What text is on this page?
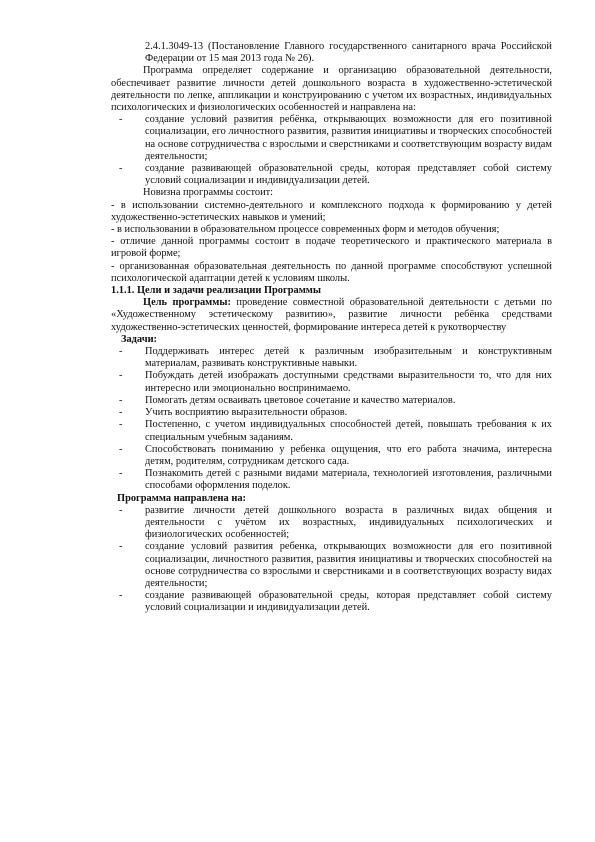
2.4.1.3049-13 (Постановление Главного государственного санитарного врача Российской Федерации от 15 мая 2013 года № 26).

Программа определяет содержание и организацию образовательной деятельности, обеспечивает развитие личности детей дошкольного возраста в художественно-эстетической деятельности по лепке, аппликации и конструированию с учетом их возрастных, индивидуальных психологических и физиологических особенностей и направлена на:

- создание условий развития ребёнка, открывающих возможности для его позитивной социализации, его личностного развития, развития инициативы и творческих способностей на основе сотрудничества с взрослыми и сверстниками и соответствующим возрасту видам деятельности;
- создание развивающей образовательной среды, которая представляет собой систему условий социализации и индивидуализации детей.

Новизна программы состоит:

- в использовании системно-деятельного и комплексного подхода к формированию у детей художественно-эстетических навыков и умений;

- в использовании в образовательном процессе современных форм и методов обучения;

- отличие данной программы состоит в подаче теоретического и практического материала в игровой форме;

- организованная образовательная деятельность по данной программе способствуют успешной психологической адаптации детей к условиям школы.

1.1.1. Цели и задачи реализации Программы

Цель программы: проведение совместной образовательной деятельности с детьми по «Художественному эстетическому развитию», развитие личности ребёнка средствами художественно-эстетических ценностей, формирование интереса детей к рукотворчеству

Задачи:

- Поддерживать интерес детей к различным изобразительным и конструктивным материалам, развивать конструктивные навыки.
- Побуждать детей изображать доступными средствами выразительности то, что для них интересно или эмоционально воспринимаемо.
- Помогать детям осваивать цветовое сочетание и качество материалов.
- Учить восприятию выразительности образов.
- Постепенно, с учетом индивидуальных способностей детей, повышать требования к их специальным учебным заданиям.
- Способствовать пониманию у ребенка ощущения, что его работа значима, интересна детям, родителям, сотрудникам детского сада.
- Познакомить детей с разными видами материала, технологией изготовления, различными способами оформления поделок.

Программа направлена на:

- развитие личности детей дошкольного возраста в различных видах общения и деятельности с учётом их возрастных, индивидуальных психологических и физиологических особенностей;
- создание условий развития ребенка, открывающих возможности для его позитивной социализации, личностного развития, развития инициативы и творческих способностей на основе сотрудничества со взрослыми и сверстниками и в соответствующих возрасту видах деятельности;
- создание развивающей образовательной среды, которая представляет собой систему условий социализации и индивидуализации детей.
